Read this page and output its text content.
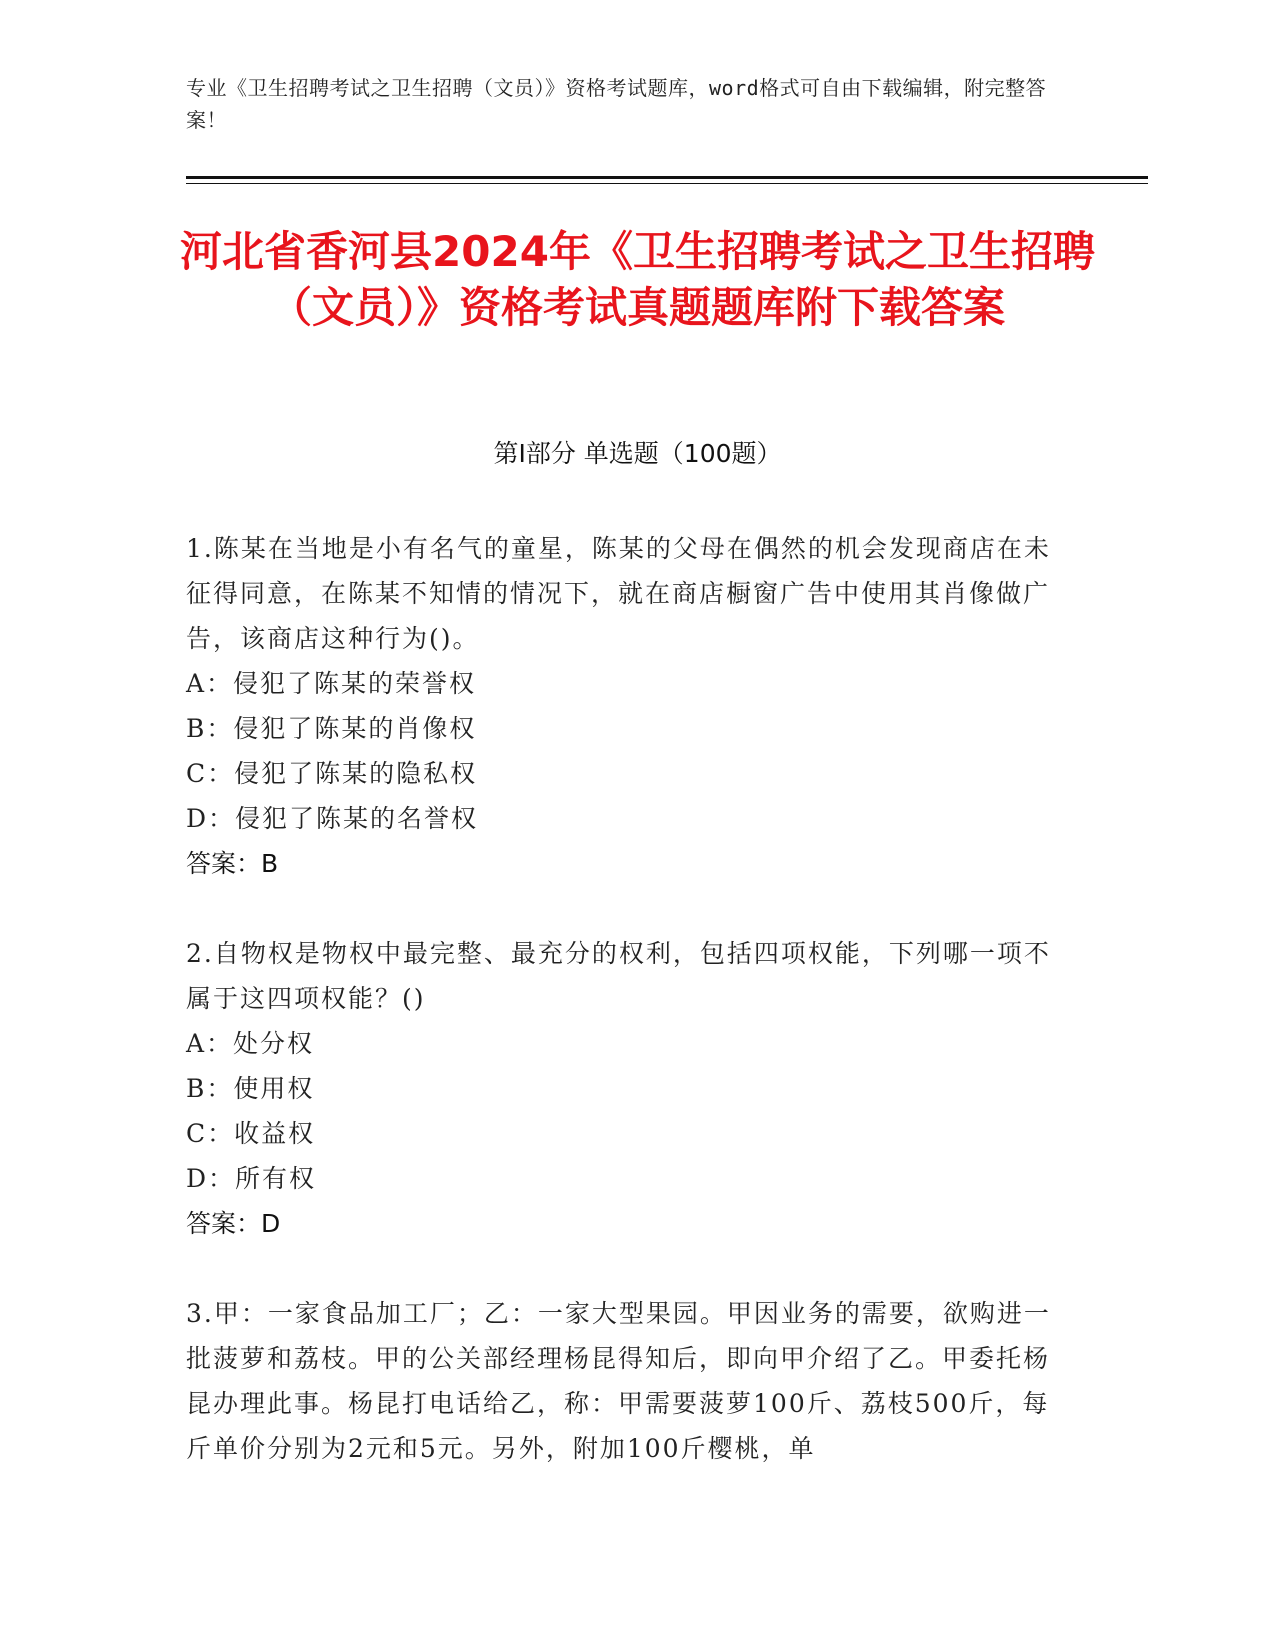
专业《卫生招聘考试之卫生招聘（文员）》资格考试题库，word格式可自由下载编辑，附完整答案！
河北省香河县2024年《卫生招聘考试之卫生招聘（文员）》资格考试真题题库附下载答案
第Ⅰ部分 单选题（100题）
1.陈某在当地是小有名气的童星，陈某的父母在偶然的机会发现商店在未征得同意，在陈某不知情的情况下，就在商店橱窗广告中使用其肖像做广告，该商店这种行为()。
A：侵犯了陈某的荣誉权
B：侵犯了陈某的肖像权
C：侵犯了陈某的隐私权
D：侵犯了陈某的名誉权
答案：B
2.自物权是物权中最完整、最充分的权利，包括四项权能，下列哪一项不属于这四项权能？()
A：处分权
B：使用权
C：收益权
D：所有权
答案：D
3.甲：一家食品加工厂；乙：一家大型果园。甲因业务的需要，欲购进一批菠萝和荔枝。甲的公关部经理杨昆得知后，即向甲介绍了乙。甲委托杨昆办理此事。杨昆打电话给乙，称：甲需要菠萝100斤、荔枝500斤，每斤单价分别为2元和5元。另外，附加100斤樱桃，单
